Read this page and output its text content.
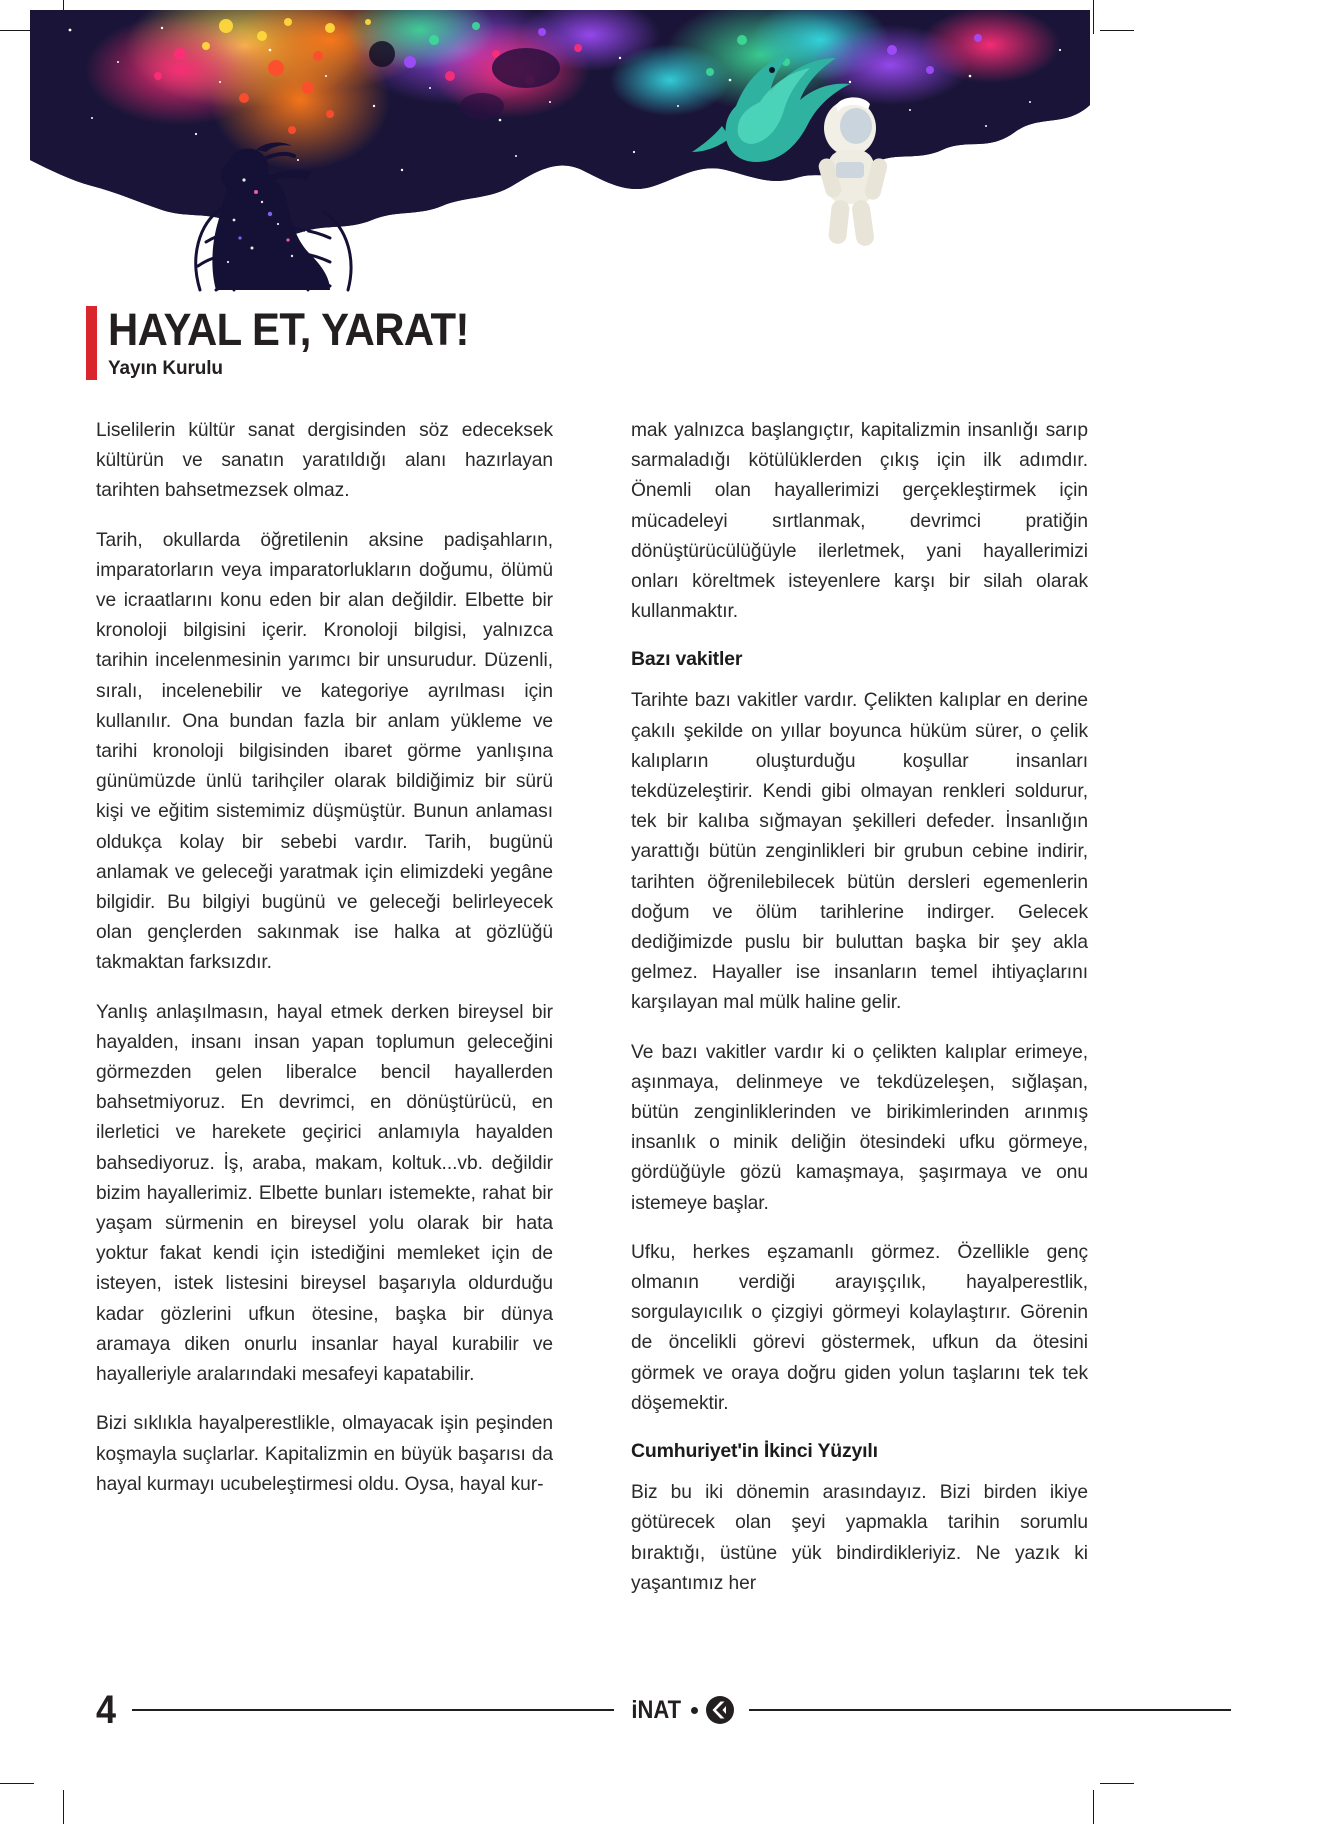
HAYAL ET, YARAT!
Yayın Kurulu

Liselilerin kültür sanat dergisinden söz edeceksek kültürün ve sanatın yaratıldığı alanı hazırlayan tarihten bahsetmezsek olmaz.

Tarih, okullarda öğretilenin aksine padişahların, imparatorların veya imparatorlukların doğumu, ölümü ve icraatlarını konu eden bir alan değildir. Elbette bir kronoloji bilgisini içerir. Kronoloji bilgisi, yalnızca tarihin incelenmesinin yarımcı bir unsurudur. Düzenli, sıralı, incelenebilir ve kategoriye ayrılması için kullanılır. Ona bundan fazla bir anlam yükleme ve tarihi kronoloji bilgisinden ibaret görme yanlışına günümüzde ünlü tarihçiler olarak bildiğimiz bir sürü kişi ve eğitim sistemimiz düşmüştür. Bunun anlaması oldukça kolay bir sebebi vardır. Tarih, bugünü anlamak ve geleceği yaratmak için elimizdeki yegâne bilgidir. Bu bilgiyi bugünü ve geleceği belirleyecek olan gençlerden sakınmak ise halka at gözlüğü takmaktan farksızdır.

Yanlış anlaşılmasın, hayal etmek derken bireysel bir hayalden, insanı insan yapan toplumun geleceğini görmezden gelen liberalce bencil hayallerden bahsetmiyoruz. En devrimci, en dönüştürücü, en ilerletici ve harekete geçirici anlamıyla hayalden bahsediyoruz. İş, araba, makam, koltuk...vb. değildir bizim hayallerimiz. Elbette bunları istemekte, rahat bir yaşam sürmenin en bireysel yolu olarak bir hata yoktur fakat kendi için istediğini memleket için de isteyen, istek listesini bireysel başarıyla oldurduğu kadar gözlerini ufkun ötesine, başka bir dünya aramaya diken onurlu insanlar hayal kurabilir ve hayalleriyle aralarındaki mesafeyi kapatabilir.

Bizi sıklıkla hayalperestlikle, olmayacak işin peşinden koşmayla suçlarlar. Kapitalizmin en büyük başarısı da hayal kurmayı ucubeleştirmesi oldu. Oysa, hayal kur-

mak yalnızca başlangıçtır, kapitalizmin insanlığı sarıp sarmaladığı kötülüklerden çıkış için ilk adımdır. Önemli olan hayallerimizi gerçekleştirmek için mücadeleyi sırtlanmak, devrimci pratiğin dönüştürücülüğüyle ilerletmek, yani hayallerimizi onları köreltmek isteyenlere karşı bir silah olarak kullanmaktır.

Bazı vakitler

Tarihte bazı vakitler vardır. Çelikten kalıplar en derine çakılı şekilde on yıllar boyunca hüküm sürer, o çelik kalıpların oluşturduğu koşullar insanları tekdüzeleştirir. Kendi gibi olmayan renkleri soldurur, tek bir kalıba sığmayan şekilleri defeder. İnsanlığın yarattığı bütün zenginlikleri bir grubun cebine indirir, tarihten öğrenilebilecek bütün dersleri egemenlerin doğum ve ölüm tarihlerine indirger. Gelecek dediğimizde puslu bir buluttan başka bir şey akla gelmez. Hayaller ise insanların temel ihtiyaçlarını karşılayan mal mülk haline gelir.

Ve bazı vakitler vardır ki o çelikten kalıplar erimeye, aşınmaya, delinmeye ve tekdüzeleşen, sığlaşan, bütün zenginliklerinden ve birikimlerinden arınmış insanlık o minik deliğin ötesindeki ufku görmeye, gördüğüyle gözü kamaşmaya, şaşırmaya ve onu istemeye başlar.

Ufku, herkes eşzamanlı görmez. Özellikle genç olmanın verdiği arayışçılık, hayalperestlik, sorgulayıcılık o çizgiyi görmeyi kolaylaştırır. Görenin de öncelikli görevi göstermek, ufkun da ötesini görmek ve oraya doğru giden yolun taşlarını tek tek döşemektir.

Cumhuriyet'in İkinci Yüzyılı

Biz bu iki dönemin arasındayız. Bizi birden ikiye götürecek olan şeyi yapmakla tarihin sorumlu bıraktığı, üstüne yük bindirdikleriyiz. Ne yazık ki yaşantımız her

4	iNAT
